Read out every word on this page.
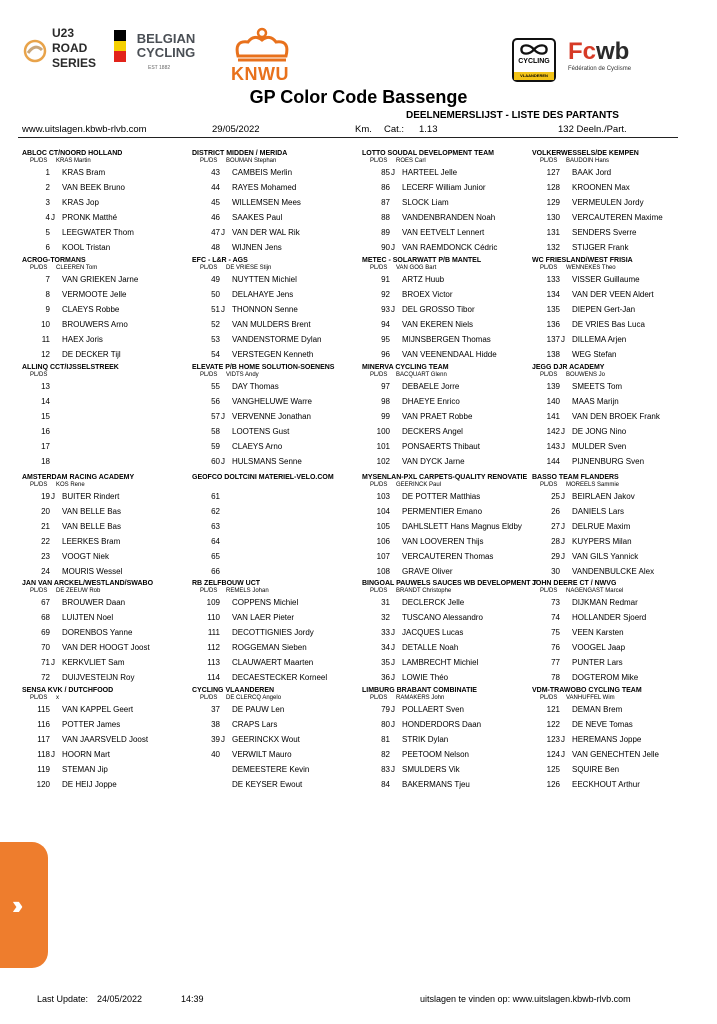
U23
ROAD
SERIES
BELGIAN
CYCLING
EST 1882	KNWU
CYCLING
VLAANDEREN
Fcwb
Fédération de Cyclisme
GP Color Code Bassenge
DEELNEMERSLIJST - LISTE DES PARTANTS
www.uitslagen.kbwb-rlvb.com	29/05/2022	Km. Cat.: 1.13	132 Deeln./Part.
ABLOC CT/NOORD HOLLAND
PL/DS KRAS Martin
1 KRAS Bram
2 VAN BEEK Bruno
3 KRAS Jop
4 J PRONK Matthé
5 LEEGWATER Thom
6 KOOL Tristan
DISTRICT MIDDEN / MERIDA
PL/DS BOUMAN Stephan
43 CAMBEIS Merlin
44 RAYES Mohamed
45 WILLEMSEN Mees
46 SAAKES Paul
47 J VAN DER WAL Rik
48 WIJNEN Jens
LOTTO SOUDAL DEVELOPMENT TEAM
PL/DS ROES Carl
85 J HARTEEL Jelle
86 LECERF William Junior
87 SLOCK Liam
88 VANDENBRANDEN Noah
89 VAN EETVELT Lennert
90 J VAN RAEMDONCK Cédric
VOLKERWESSELS/DE KEMPEN
PL/DS BAUDOIN Hans
127 BAAK Jord
128 KROONEN Max
129 VERMEULEN Jordy
130 VERCAUTEREN Maxime
131 SENDERS Sverre
132 STIJGER Frank
ACROG-TORMANS
PL/DS CLEEREN Tom
7 VAN GRIEKEN Jarne
8 VERMOOTE Jelle
9 CLAEYS Robbe
10 BROUWERS Arno
11 HAEX Joris
12 DE DECKER Tijl
EFC - L&R - AGS
PL/DS DE VRIESE Stijn
49 NUYTTEN Michiel
50 DELAHAYE Jens
51 J THONNON Senne
52 VAN MULDERS Brent
53 VANDENSTORME Dylan
54 VERSTEGEN Kenneth
METEC - SOLARWATT P/B MANTEL
PL/DS VAN GOG Bart
91 ARTZ Huub
92 BROEX Victor
93 J DEL GROSSO Tibor
94 VAN EKEREN Niels
95 MIJNSBERGEN Thomas
96 VAN VEENENDAAL Hidde
WC FRIESLAND/WEST FRISIA
PL/DS WENNEKES Theo
133 VISSER Guillaume
134 VAN DER VEEN Aldert
135 DIEPEN Gert-Jan
136 DE VRIES Bas Luca
137 J DILLEMA Arjen
138 WEG Stefan
ALLINQ CCT/IJSSELSTREEK
PL/DS
13
14
15
16
17
18
ELEVATE P/B HOME SOLUTION-SOENENS
PL/DS VIDTS Andy
55 DAY Thomas
56 VANGHELUWE Warre
57 J VERVENNE Jonathan
58 LOOTENS Gust
59 CLAEYS Arno
60 J HULSMANS Senne
MINERVA CYCLING TEAM
PL/DS BACQUART Glenn
97 DEBAELE Jorre
98 DHAEYE Enrico
99 VAN PRAET Robbe
100 DECKERS Angel
101 PONSAERTS Thibaut
102 VAN DYCK Jarne
JEGG DJR ACADEMY
PL/DS BOUWENS Jo
139 SMEETS Tom
140 MAAS Marijn
141 VAN DEN BROEK Frank
142 J DE JONG Nino
143 J MULDER Sven
144 PIJNENBURG Sven
AMSTERDAM RACING ACADEMY
PL/DS KOS Rene
19 J BUITER Rindert
20 VAN BELLE Bas
21 VAN BELLE Bas
22 LEERKES Bram
23 VOOGT Niek
24 MOURIS Wessel
GEOFCO DOLTCINI MATERIEL-VELO.COM
61
62
63
64
65
66
MYSENLAN-PXL CARPETS-QUALITY RENOVATIE
PL/DS GEERINCK Paul
103 DE POTTER Matthias
104 PERMENTIER Emano
105 DAHLSLETT Hans Magnus Eldby
106 VAN LOOVEREN Thijs
107 VERCAUTEREN Thomas
108 GRAVE Oliver
BASSO TEAM FLANDERS
PL/DS MOREELS Sammie
25 J BEIRLAEN Jakov
26 DANIELS Lars
27 J DELRUE Maxim
28 J KUYPERS Milan
29 J VAN GILS Yannick
30 VANDENBULCKE Alex
JAN VAN ARCKEL/WESTLAND/SWABO
PL/DS DE ZEEUW Rob
67 BROUWER Daan
68 LUIJTEN Noel
69 DORENBOS Yanne
70 VAN DER HOOGT Joost
71 J KERKVLIET Sam
72 DUIJVESTEIJN Roy
RB ZELFBOUW UCT
PL/DS REMELS Johan
109 COPPENS Michiel
110 VAN LAER Pieter
111 DECOTTIGNIES Jordy
112 ROGGEMAN Sieben
113 CLAUWAERT Maarten
114 DECAESTECKER Korneel
BINGOAL PAUWELS SAUCES WB DEVELOPMENT T
PL/DS BRANDT Christophe
31 DECLERCK Jelle
32 TUSCANO Alessandro
33 J JACQUES Lucas
34 J DETALLE Noah
35 J LAMBRECHT Michiel
36 J LOWIE Théo
JOHN DEERE CT / NWVG
PL/DS NAGENGAST Marcel
73 DIJKMAN Redmar
74 HOLLANDER Sjoerd
75 VEEN Karsten
76 VOOGEL Jaap
77 PUNTER Lars
78 DOGTEROM Mike
SENSA KVK / DUTCHFOOD
PL/DS x
115 VAN KAPPEL Geert
116 POTTER James
117 VAN JAARSVELD Joost
118 J HOORN Mart
119 STEMAN Jip
120 DE HEIJ Joppe
CYCLING VLAANDEREN
PL/DS DE CLERCQ Angelo
37 DE PAUW Len
38 CRAPS Lars
39 J GEERINCKX Wout
40 VERWILT Mauro
DEMEESTERE Kevin
DE KEYSER Ewout
LIMBURG BRABANT COMBINATIE
PL/DS RAMAKERS John
79 J POLLAERT Sven
80 J HONDERDORS Daan
81 STRIK Dylan
82 PEETOOM Nelson
83 J SMULDERS Vik
84 BAKERMANS Tjeu
VDM-TRAWOBO CYCLING TEAM
PL/DS VANHUFFEL Wim
121 DEMAN Brem
122 DE NEVE Tomas
123 J HEREMANS Joppe
124 J VAN GENECHTEN Jelle
125 SQUIRE Ben
126 EECKHOUT Arthur
››
Last Update: 24/05/2022	14:39	uitslagen te vinden op: www.uitslagen.kbwb-rlvb.com
